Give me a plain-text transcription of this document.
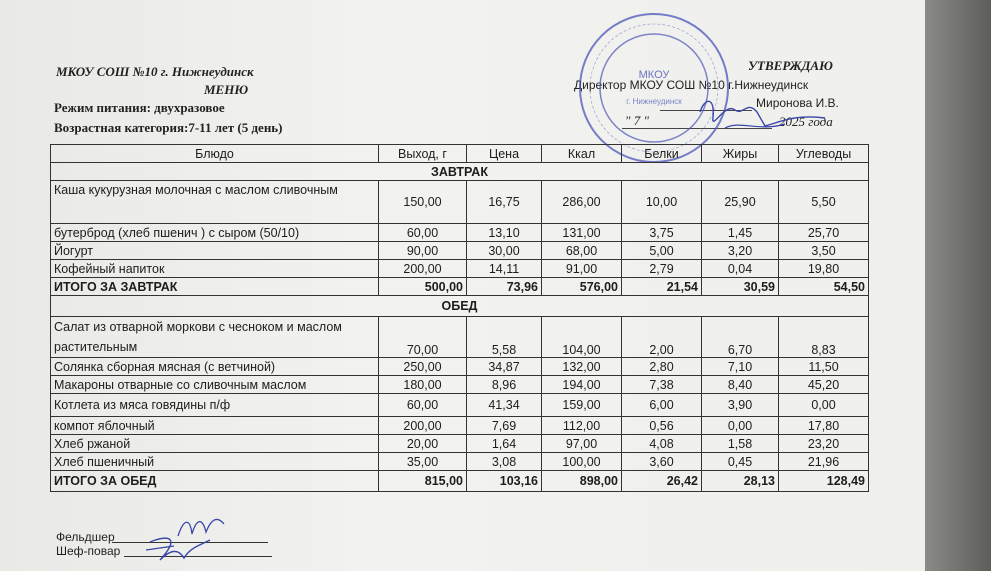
МКОУ СОШ №10 г. Нижнеудинск
МЕНЮ
Режим питания: двухразовое
Возрастная категория:7-11 лет (5 день)
УТВЕРЖДАЮ
Директор МКОУ СОШ №10 г.Нижнеудинск
Миронова И.В.
" 7 "	2025 года
МКОУ
г. Нижнеудинск
Блюдо	Выход, г	Цена	Ккал	Белки	Жиры	Углеводы
ЗАВТРАК						
Каша кукурузная молочная с маслом сливочным	150,00	16,75	286,00	10,00	25,90	5,50
бутерброд (хлеб пшенич ) с сыром (50/10)	60,00	13,10	131,00	3,75	1,45	25,70
Йогурт	90,00	30,00	68,00	5,00	3,20	3,50
Кофейный напиток	200,00	14,11	91,00	2,79	0,04	19,80
ИТОГО ЗА ЗАВТРАК	500,00	73,96	576,00	21,54	30,59	54,50
ОБЕД						
Салат из отварной моркови с чесноком и маслом растительным	70,00	5,58	104,00	2,00	6,70	8,83
Солянка сборная мясная (с ветчиной)	250,00	34,87	132,00	2,80	7,10	11,50
Макароны отварные со сливочным маслом	180,00	8,96	194,00	7,38	8,40	45,20
Котлета из мяса говядины п/ф	60,00	41,34	159,00	6,00	3,90	0,00
компот яблочный	200,00	7,69	112,00	0,56	0,00	17,80
Хлеб ржаной	20,00	1,64	97,00	4,08	1,58	23,20
Хлеб пшеничный	35,00	3,08	100,00	3,60	0,45	21,96
ИТОГО ЗА ОБЕД	815,00	103,16	898,00	26,42	28,13	128,49
Фельдшер
Шеф-повар
